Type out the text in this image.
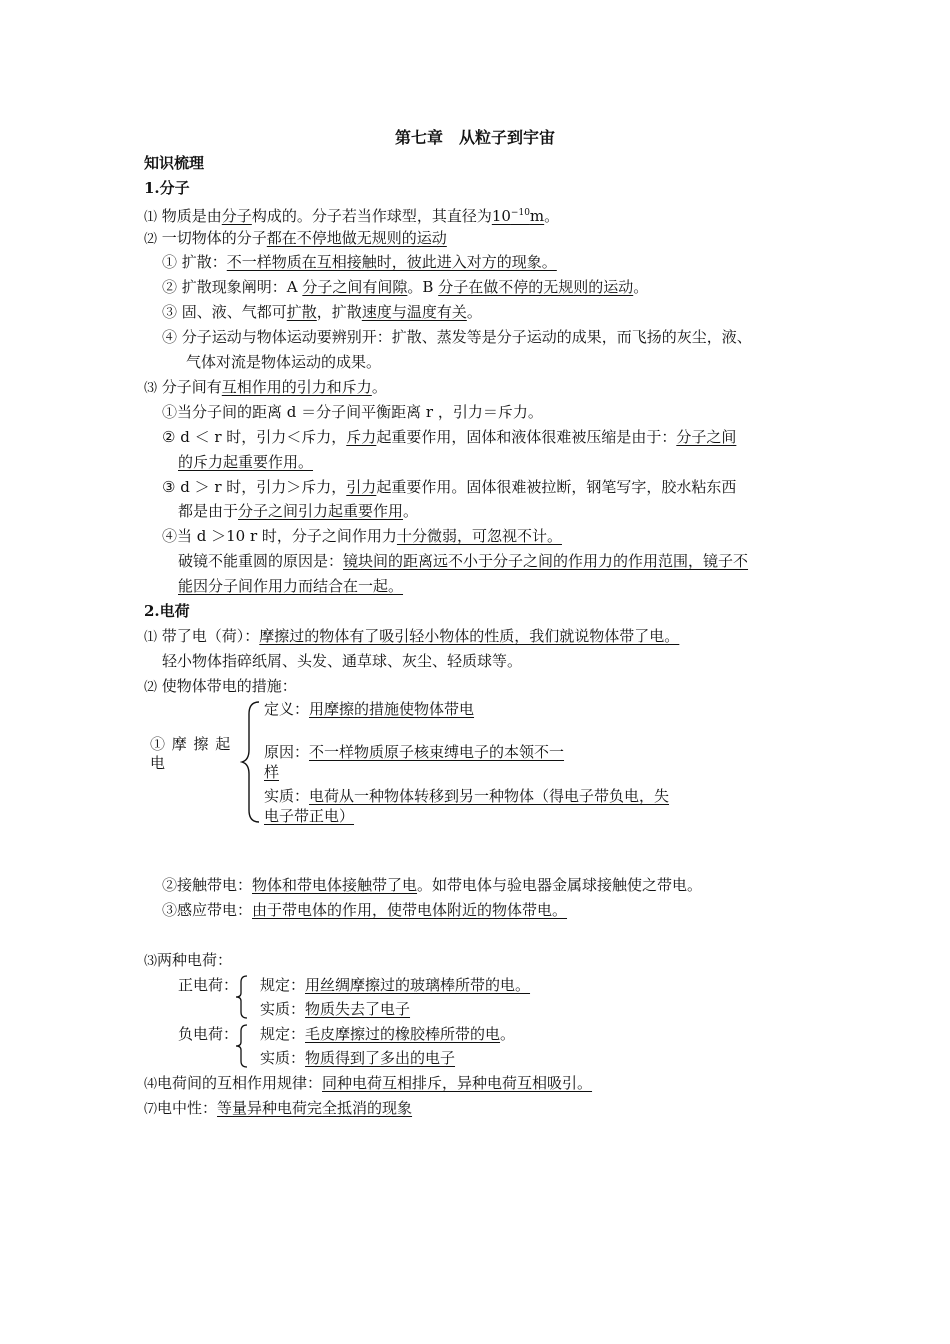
第七章　从粒子到宇宙
知识梳理
1.分子
⑴ 物质是由分子构成的。分子若当作球型，其直径为$10^{-10}m$。
⑵ 一切物体的分子都在不停地做无规则的运动
① 扩散：不一样物质在互相接触时，彼此进入对方的现象。
② 扩散现象阐明：A 分子之间有间隙。B 分子在做不停的无规则的运动。
③ 固、液、气都可扩散，扩散速度与温度有关。
④ 分子运动与物体运动要辨别开：扩散、蒸发等是分子运动的成果，而飞扬的灰尘，液、
气体对流是物体运动的成果。
⑶ 分子间有互相作用的引力和斥力。
①当分子间的距离 d ＝分子间平衡距离 r ，引力＝斥力。
② d ＜ r 时，引力＜斥力，斥力起重要作用，固体和液体很难被压缩是由于：分子之间
的斥力起重要作用。
③ d ＞ r 时，引力＞斥力，引力起重要作用。固体很难被拉断，钢笔写字，胶水粘东西
都是由于分子之间引力起重要作用。
④当 d ＞10 r 时，分子之间作用力十分微弱，可忽视不计。
破镜不能重圆的原因是：镜块间的距离远不小于分子之间的作用力的作用范围，镜子不
能因分子间作用力而结合在一起。
2.电荷
⑴ 带了电（荷）：摩擦过的物体有了吸引轻小物体的性质，我们就说物体带了电。
轻小物体指碎纸屑、头发、通草球、灰尘、轻质球等。
⑵ 使物体带电的措施：
① 摩 擦 起
电
定义：用摩擦的措施使物体带电
原因：不一样物质原子核束缚电子的本领不一
样
实质：电荷从一种物体转移到另一种物体（得电子带负电，失
电子带正电）
②接触带电：物体和带电体接触带了电。如带电体与验电器金属球接触使之带电。
③感应带电：由于带电体的作用，使带电体附近的物体带电。
⑶两种电荷：
正电荷： 规定：用丝绸摩擦过的玻璃棒所带的电。
实质：物质失去了电子
负电荷： 规定：毛皮摩擦过的橡胶棒所带的电。
实质：物质得到了多出的电子
⑷电荷间的互相作用规律：同种电荷互相排斥，异种电荷互相吸引。
⑺电中性：等量异种电荷完全抵消的现象
